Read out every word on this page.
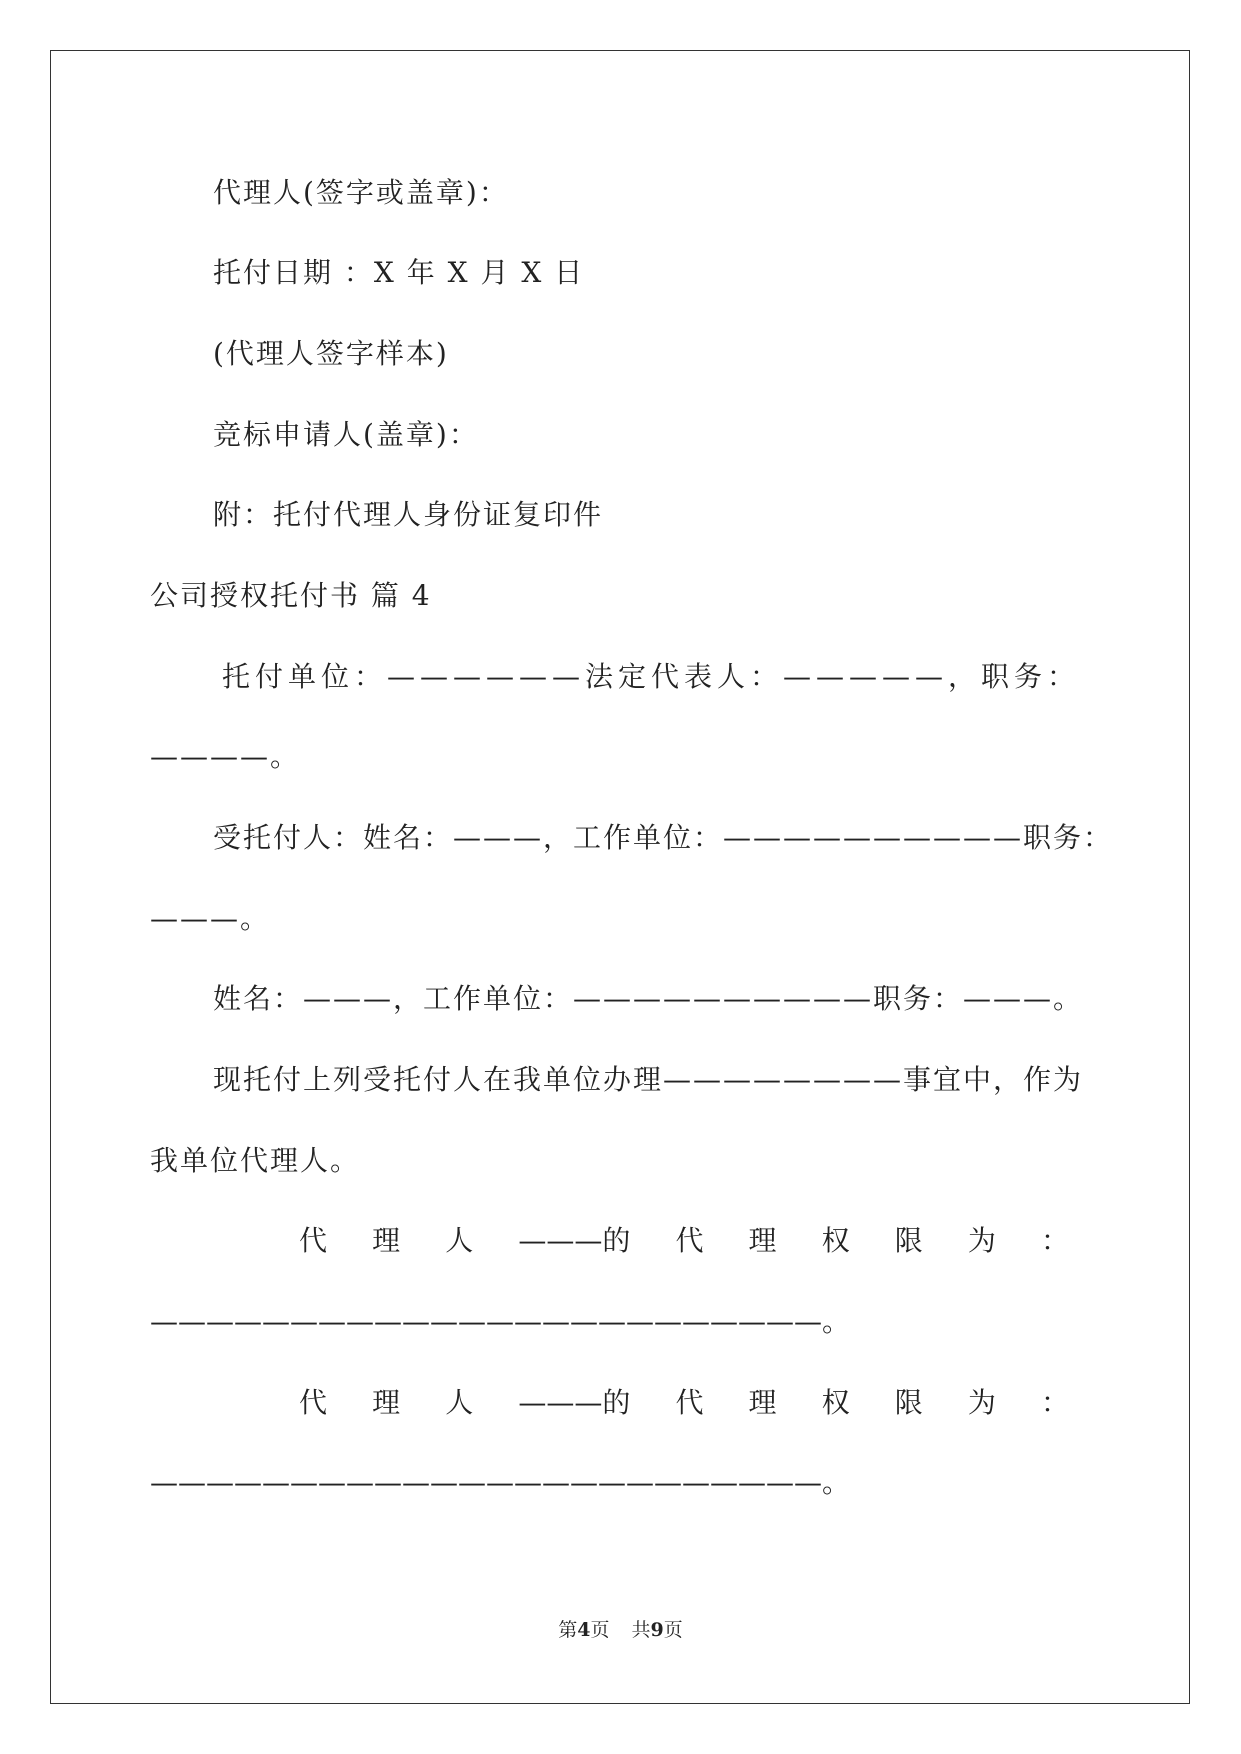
代理人(签字或盖章)：
托付日期 ：X 年 X 月 X 日
(代理人签字样本)
竞标申请人(盖章)：
附：托付代理人身份证复印件
公司授权托付书 篇 4
托付单位：——————法定代表人：—————，职务：
————。
受托付人：姓名：———，工作单位：——————————职务：
———。
姓名：———，工作单位：——————————职务：———。
现托付上列受托付人在我单位办理————————事宜中，作为
我单位代理人。
代 理 人 ———的 代 理 权 限 为 ：
————————————————————————。
代 理 人 ———的 代 理 权 限 为 ：
————————————————————————。
第4页 共9页
